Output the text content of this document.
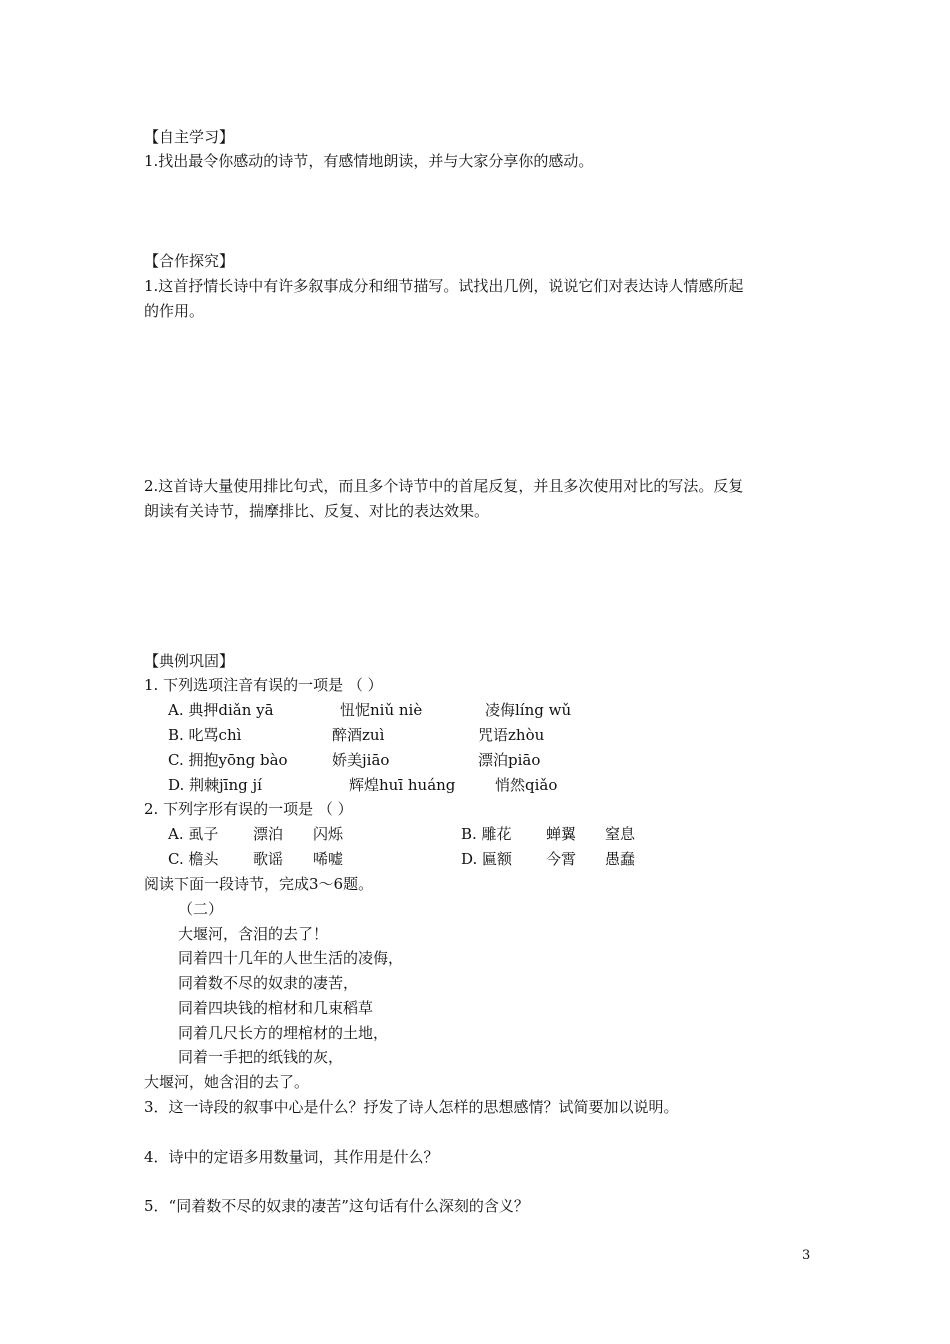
【自主学习】
1.找出最令你感动的诗节，有感情地朗读，并与大家分享你的感动。
【合作探究】
1.这首抒情长诗中有许多叙事成分和细节描写。试找出几例，说说它们对表达诗人情感所起
的作用。
2.这首诗大量使用排比句式，而且多个诗节中的首尾反复，并且多次使用对比的写法。反复
朗读有关诗节，揣摩排比、反复、对比的表达效果。
【典例巩固】
1. 下列选项注音有误的一项是 （ ）
A. 典押diǎn yā	忸怩niǔ niè	凌侮líng wǔ
B. 叱骂chì	醉酒zuì	咒语zhòu
C. 拥抱yōng bào	娇美jiāo	漂泊piāo
D. 荆棘jīng jí	辉煌huī huáng	悄然qiǎo
2. 下列字形有误的一项是 （ ）
A. 虱子 漂泊 闪烁	B. 雕花 蝉翼 窒息
C. 檐头 歌谣 唏嘘	D. 匾额 今霄 愚蠢
阅读下面一段诗节，完成3～6题。
（二）
大堰河，含泪的去了！
同着四十几年的人世生活的凌侮，
同着数不尽的奴隶的凄苦，
同着四块钱的棺材和几束稻草
同着几尺长方的埋棺材的土地，
同着一手把的纸钱的灰，
大堰河，她含泪的去了。
3．这一诗段的叙事中心是什么？抒发了诗人怎样的思想感情？试简要加以说明。
4．诗中的定语多用数量词，其作用是什么？
5．“同着数不尽的奴隶的凄苦”这句话有什么深刻的含义？
3
